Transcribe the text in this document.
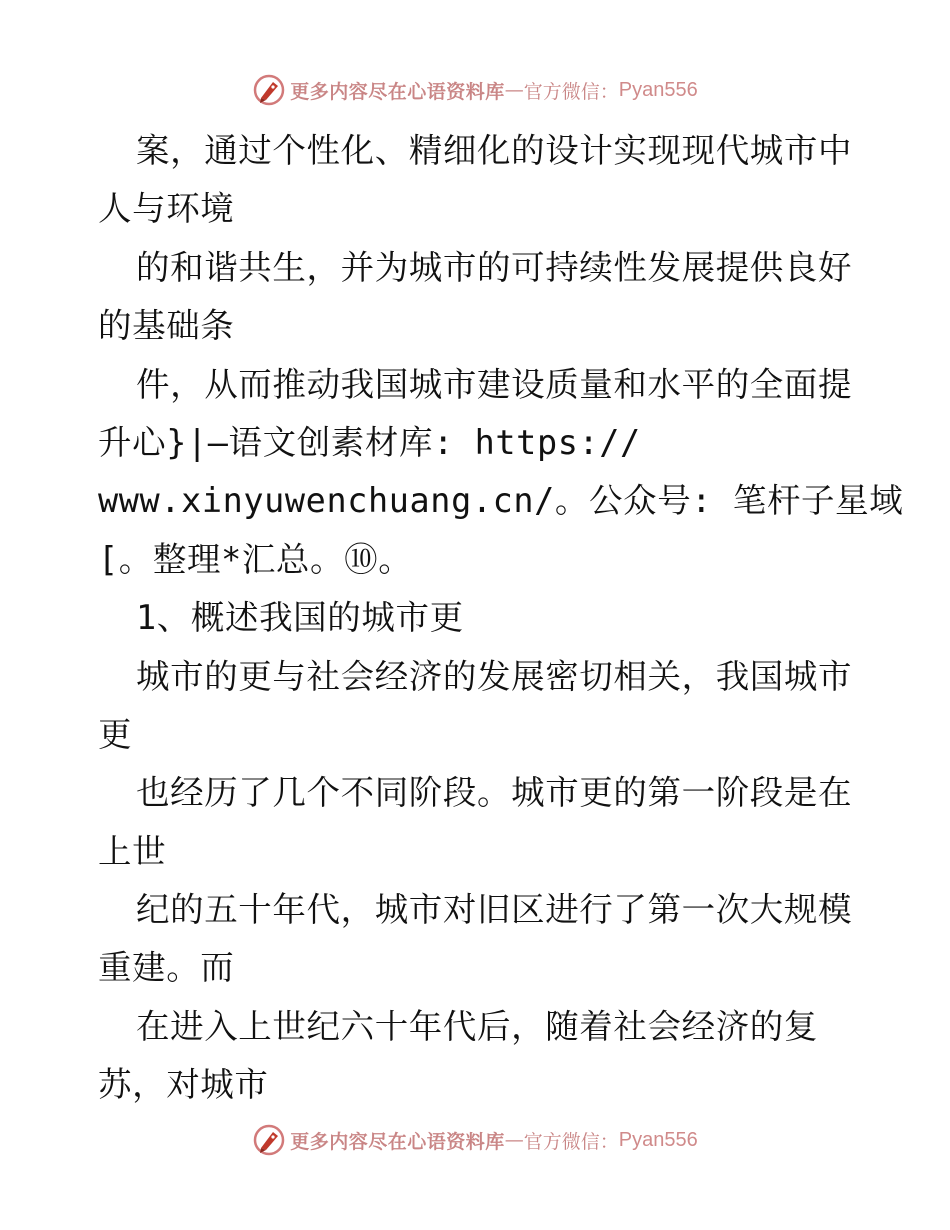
更多内容尽在心语资料库 — 官方微信： Pyan556
案，通过个性化、精细化的设计实现现代城市中
人与环境
的和谐共生，并为城市的可持续性发展提供良好
的基础条
件，从而推动我国城市建设质量和水平的全面提
升心}|—语文创素材库: https://
www.xinyuwenchuang.cn/。公众号: 笔杆子星域
[。整理*汇总。⑩。
1、概述我国的城市更
城市的更与社会经济的发展密切相关，我国城市
更
也经历了几个不同阶段。城市更的第一阶段是在
上世
纪的五十年代，城市对旧区进行了第一次大规模
重建。而
在进入上世纪六十年代后，随着社会经济的复
苏，对城市
更多内容尽在心语资料库 — 官方微信： Pyan556
